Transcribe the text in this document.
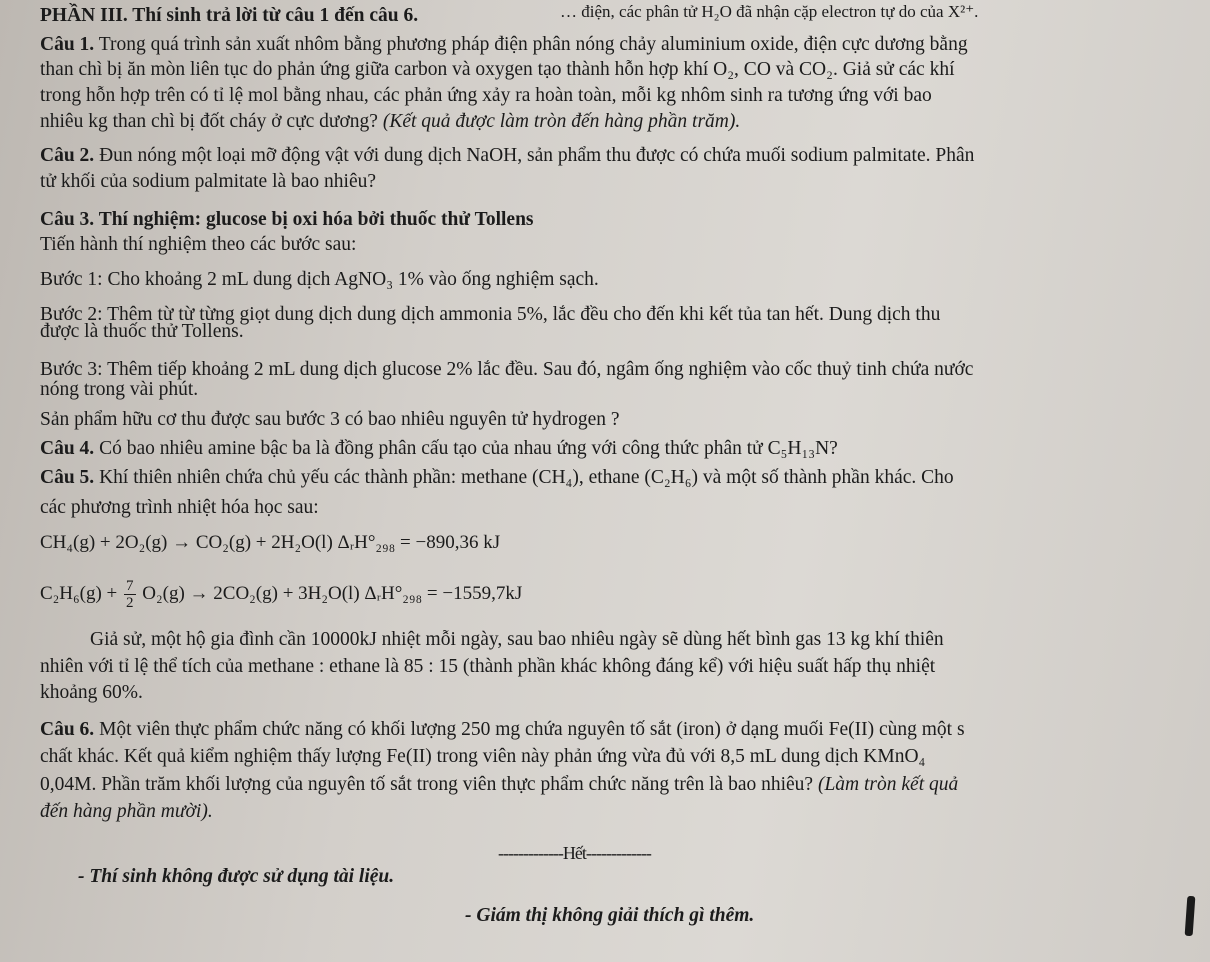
… điện, các phân tử H₂O đã nhận cặp electron tự do của X²⁺.
PHẦN III. Thí sinh trả lời từ câu 1 đến câu 6.
Câu 1. Trong quá trình sản xuất nhôm bằng phương pháp điện phân nóng chảy aluminium oxide, điện cực dương bằng
than chì bị ăn mòn liên tục do phản ứng giữa carbon và oxygen tạo thành hỗn hợp khí O₂, CO và CO₂. Giả sử các khí
trong hỗn hợp trên có tỉ lệ mol bằng nhau, các phản ứng xảy ra hoàn toàn, mỗi kg nhôm sinh ra tương ứng với bao
nhiêu kg than chì bị đốt cháy ở cực dương? (Kết quả được làm tròn đến hàng phần trăm).
Câu 2. Đun nóng một loại mỡ động vật với dung dịch NaOH, sản phẩm thu được có chứa muối sodium palmitate. Phân
tử khối của sodium palmitate là bao nhiêu?
Câu 3. Thí nghiệm: glucose bị oxi hóa bởi thuốc thử Tollens
Tiến hành thí nghiệm theo các bước sau:
Bước 1: Cho khoảng 2 mL dung dịch AgNO₃ 1% vào ống nghiệm sạch.
Bước 2: Thêm từ từ từng giọt dung dịch dung dịch ammonia 5%, lắc đều cho đến khi kết tủa tan hết. Dung dịch thu
được là thuốc thử Tollens.
Bước 3: Thêm tiếp khoảng 2 mL dung dịch glucose 2% lắc đều. Sau đó, ngâm ống nghiệm vào cốc thuỷ tinh chứa nước
nóng trong vài phút.
Sản phẩm hữu cơ thu được sau bước 3 có bao nhiêu nguyên tử hydrogen ?
Câu 4. Có bao nhiêu amine bậc ba là đồng phân cấu tạo của nhau ứng với công thức phân tử C₅H₁₃N?
Câu 5. Khí thiên nhiên chứa chủ yếu các thành phần: methane (CH₄), ethane (C₂H₆) và một số thành phần khác. Cho
các phương trình nhiệt hóa học sau:
CH₄(g) + 2O₂(g) → CO₂(g) + 2H₂O(l) ΔᵣH°₂₉₈ = −890,36 kJ
$C_2H_6(g) + \frac{7}{2} O_2(g) \to 2CO_2(g) + 3H_2O(l)$ ΔᵣH°₂₉₈ = −1559,7kJ
Giả sử, một hộ gia đình cần 10000kJ nhiệt mỗi ngày, sau bao nhiêu ngày sẽ dùng hết bình gas 13 kg khí thiên
nhiên với tỉ lệ thể tích của methane : ethane là 85 : 15 (thành phần khác không đáng kể) với hiệu suất hấp thụ nhiệt
khoảng 60%.
Câu 6. Một viên thực phẩm chức năng có khối lượng 250 mg chứa nguyên tố sắt (iron) ở dạng muối Fe(II) cùng một s
chất khác. Kết quả kiểm nghiệm thấy lượng Fe(II) trong viên này phản ứng vừa đủ với 8,5 mL dung dịch KMnO₄
0,04M. Phần trăm khối lượng của nguyên tố sắt trong viên thực phẩm chức năng trên là bao nhiêu? (Làm tròn kết quả
đến hàng phần mười).
-------------Hết-------------
- Thí sinh không được sử dụng tài liệu.
- Giám thị không giải thích gì thêm.
